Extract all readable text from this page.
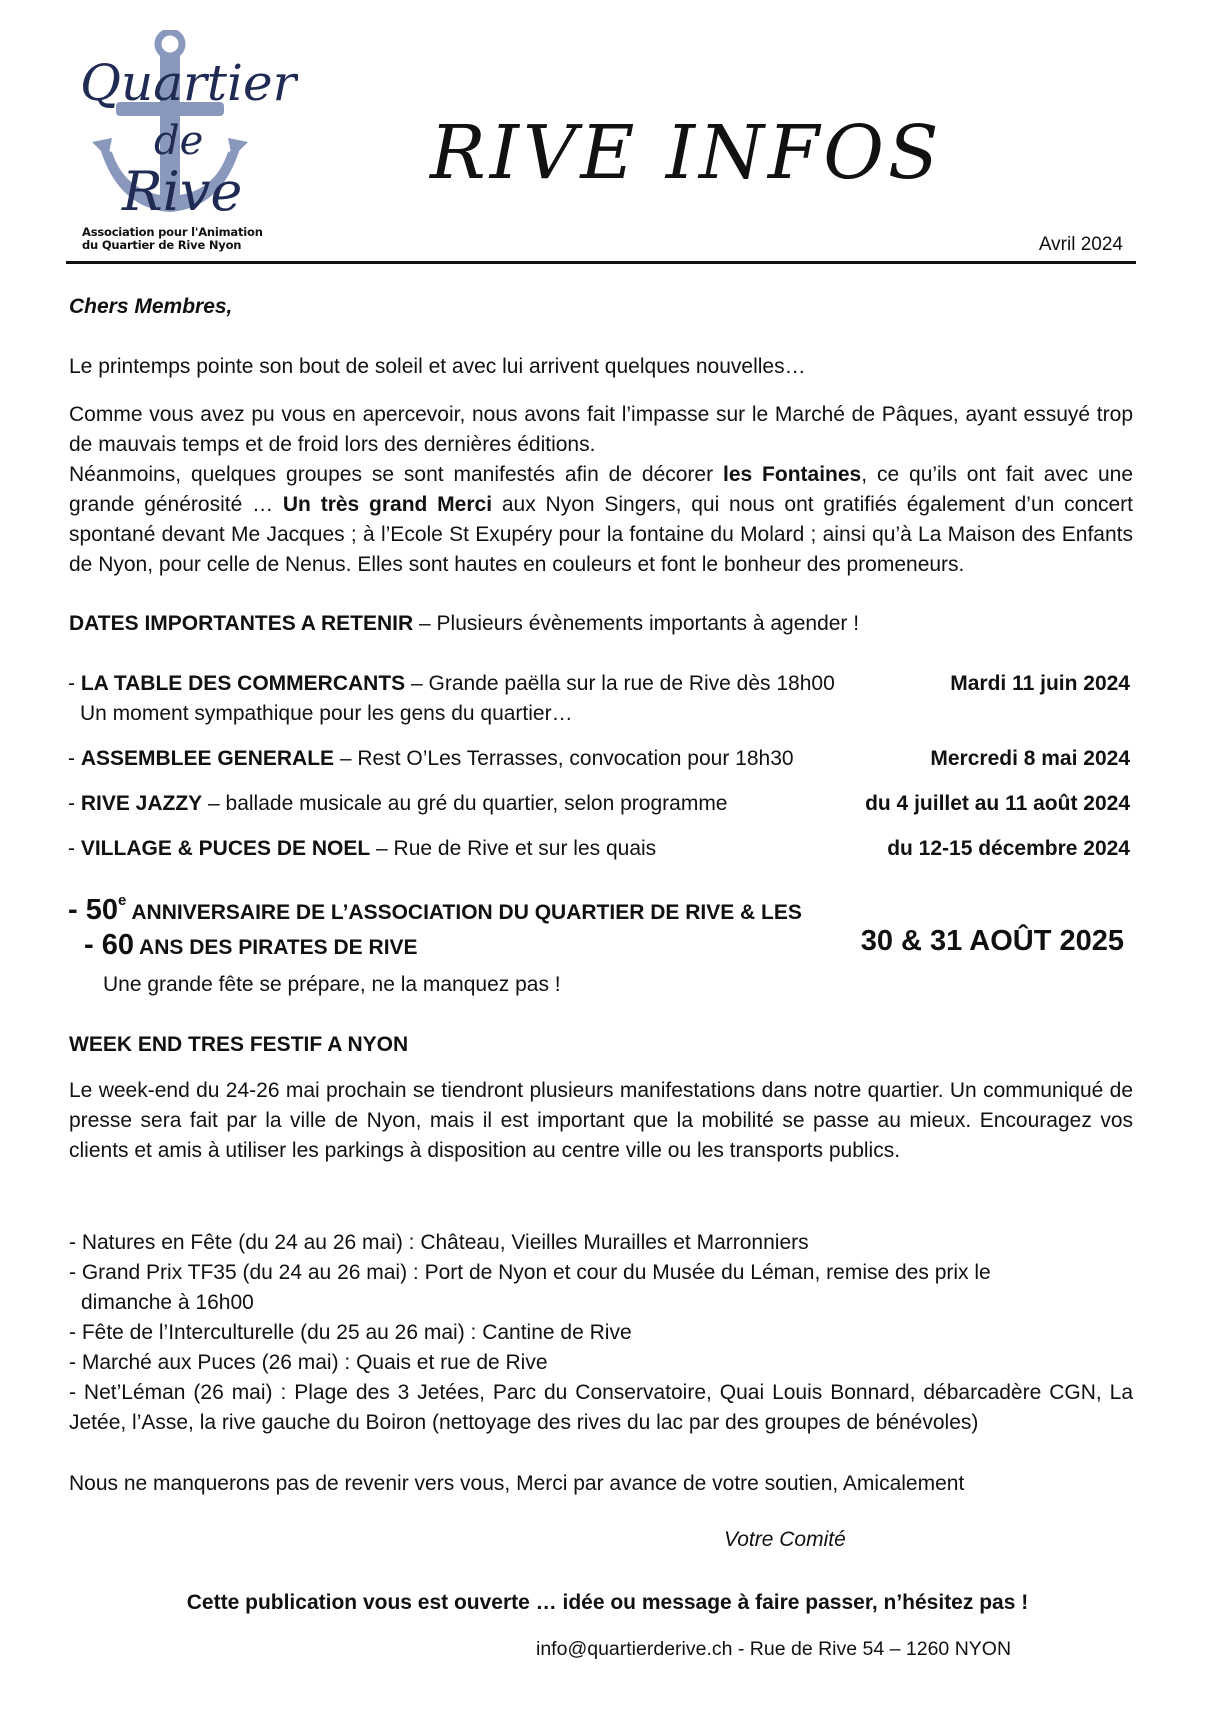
Quartier
de
Rive
Association pour l'Animation
du Quartier de Rive Nyon
RIVE INFOS
Avril 2024
Chers Membres,
Le printemps pointe son bout de soleil et avec lui arrivent quelques nouvelles…
Comme vous avez pu vous en apercevoir, nous avons fait l’impasse sur le Marché de Pâques, ayant essuyé trop de mauvais temps et de froid lors des dernières éditions.
Néanmoins, quelques groupes se sont manifestés afin de décorer les Fontaines, ce qu’ils ont fait avec une grande générosité … Un très grand Merci aux Nyon Singers, qui nous ont gratifiés également d’un concert spontané devant Me Jacques ; à l’Ecole St Exupéry pour la fontaine du Molard ; ainsi qu’à La Maison des Enfants de Nyon, pour celle de Nenus. Elles sont hautes en couleurs et font le bonheur des promeneurs.
DATES IMPORTANTES A RETENIR – Plusieurs évènements importants à agender !
- LA TABLE DES COMMERCANTS – Grande paëlla sur la rue de Rive dès 18h00
Un moment sympathique pour les gens du quartier…
Mardi 11 juin 2024
- ASSEMBLEE GENERALE – Rest O’Les Terrasses, convocation pour 18h30	Mercredi 8 mai 2024
- RIVE JAZZY – ballade musicale au gré du quartier, selon programme	du 4 juillet au 11 août 2024
- VILLAGE & PUCES DE NOEL – Rue de Rive et sur les quais	du 12-15 décembre 2024
- 50e ANNIVERSAIRE DE L’ASSOCIATION DU QUARTIER DE RIVE & LES
- 60 ANS DES PIRATES DE RIVE	30 & 31 AOÛT 2025
Une grande fête se prépare, ne la manquez pas !
WEEK END TRES FESTIF A NYON
Le week-end du 24-26 mai prochain se tiendront plusieurs manifestations dans notre quartier. Un communiqué de presse sera fait par la ville de Nyon, mais il est important que la mobilité se passe au mieux. Encouragez vos clients et amis à utiliser les parkings à disposition au centre ville ou les transports publics.
- Natures en Fête (du 24 au 26 mai) : Château, Vieilles Murailles et Marronniers
- Grand Prix TF35 (du 24 au 26 mai) : Port de Nyon et cour du Musée du Léman, remise des prix le
dimanche à 16h00
- Fête de l’Interculturelle (du 25 au 26 mai) : Cantine de Rive
- Marché aux Puces (26 mai) : Quais et rue de Rive
- Net’Léman (26 mai) : Plage des 3 Jetées, Parc du Conservatoire, Quai Louis Bonnard, débarcadère CGN, La Jetée, l’Asse, la rive gauche du Boiron (nettoyage des rives du lac par des groupes de bénévoles)
Nous ne manquerons pas de revenir vers vous, Merci par avance de votre soutien, Amicalement
Votre Comité
Cette publication vous est ouverte … idée ou message à faire passer, n’hésitez pas !
info@quartierderive.ch - Rue de Rive 54 – 1260 NYON
